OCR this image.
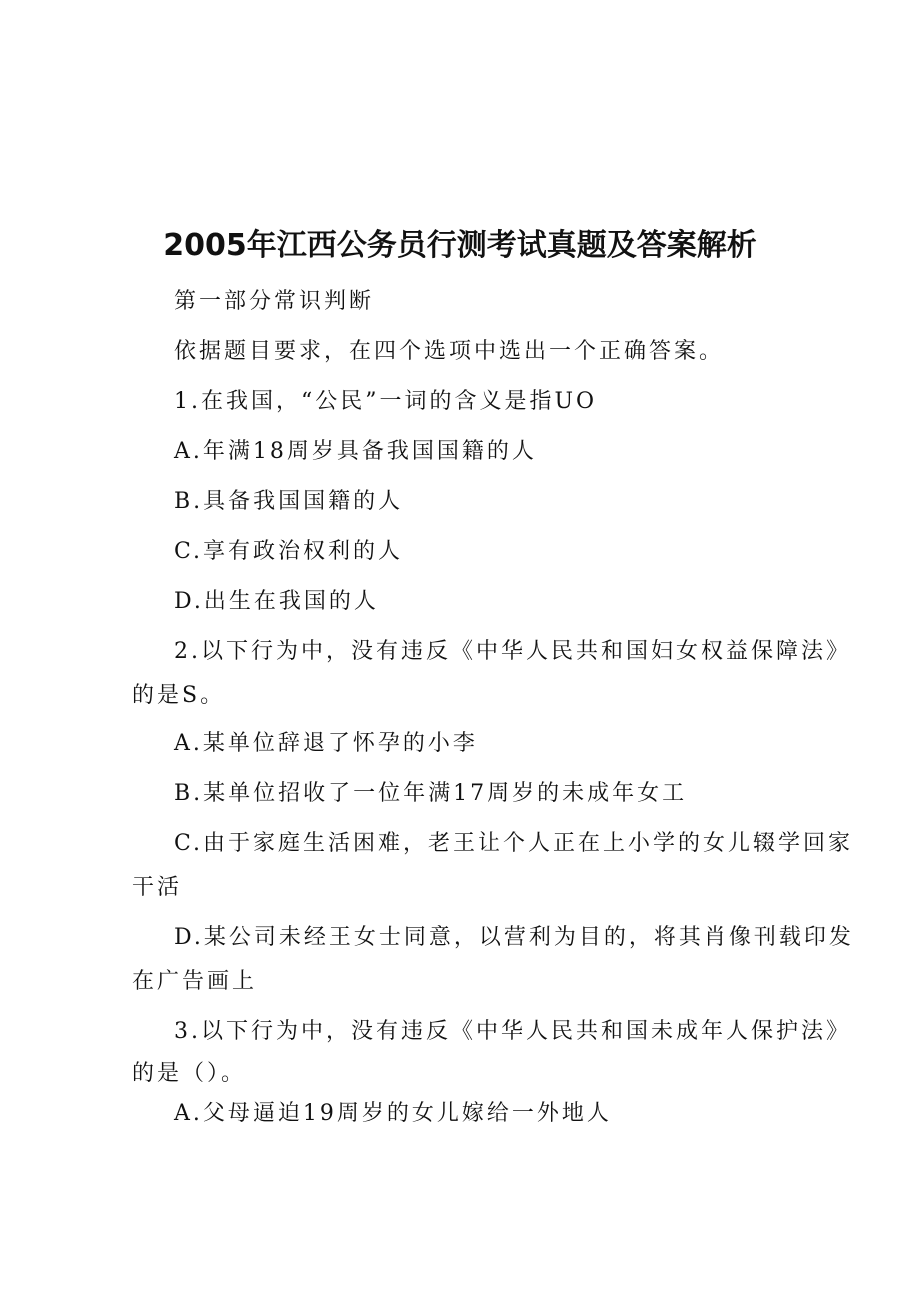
2005年江西公务员行测考试真题及答案解析
第一部分常识判断
依据题目要求，在四个选项中选出一个正确答案。
1.在我国，“公民”一词的含义是指UO
A.年满18周岁具备我国国籍的人
B.具备我国国籍的人
C.享有政治权利的人
D.出生在我国的人
2.以下行为中，没有违反《中华人民共和国妇女权益保障法》
的是S。
A.某单位辞退了怀孕的小李
B.某单位招收了一位年满17周岁的未成年女工
C.由于家庭生活困难，老王让个人正在上小学的女儿辍学回家
干活
D.某公司未经王女士同意，以营利为目的，将其肖像刊载印发
在广告画上
3.以下行为中，没有违反《中华人民共和国未成年人保护法》
的是（）。
A.父母逼迫19周岁的女儿嫁给一外地人
